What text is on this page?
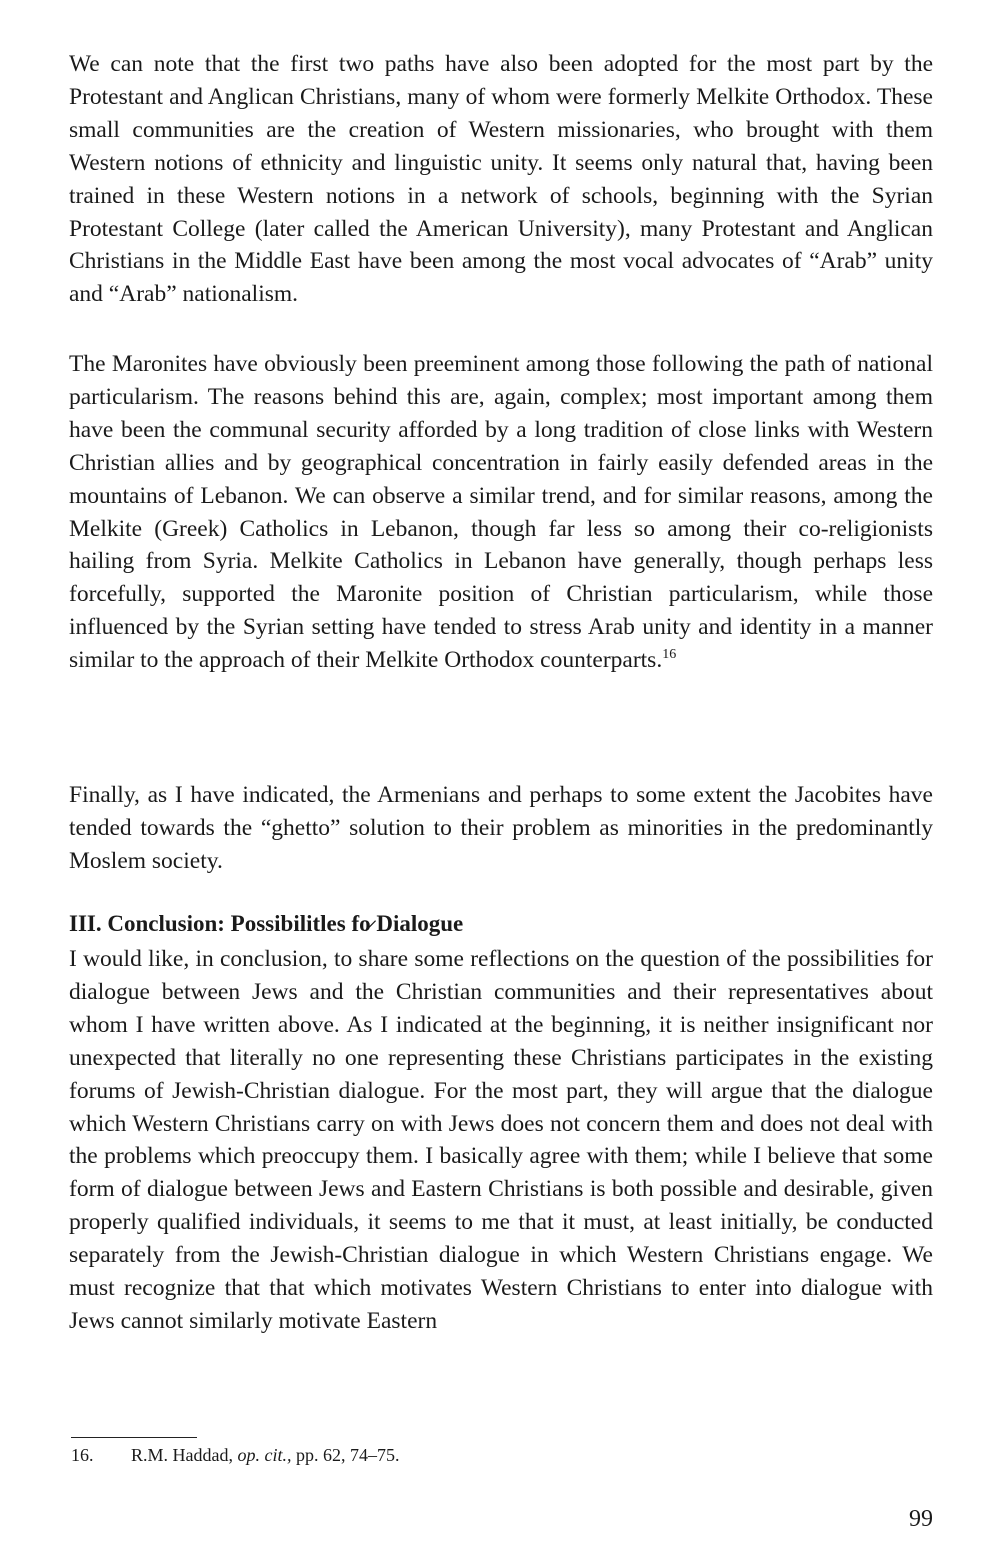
We can note that the first two paths have also been adopted for the most part by the Protestant and Anglican Christians, many of whom were formerly Melkite Orthodox. These small communities are the creation of Western missionaries, who brought with them Western notions of ethnicity and linguistic unity. It seems only natural that, having been trained in these Western notions in a network of schools, beginning with the Syrian Protestant College (later called the American University), many Protestant and Anglican Christians in the Middle East have been among the most vocal advocates of “Arab” unity and “Arab” nationalism.

The Maronites have obviously been preeminent among those following the path of national particularism. The reasons behind this are, again, complex; most important among them have been the communal security afforded by a long tradition of close links with Western Christian allies and by geographical concentration in fairly easily defended areas in the mountains of Lebanon. We can observe a similar trend, and for similar reasons, among the Melkite (Greek) Catholics in Lebanon, though far less so among their co-religionists hailing from Syria. Melkite Catholics in Lebanon have generally, though perhaps less forcefully, supported the Maronite position of Christian particularism, while those influenced by the Syrian setting have tended to stress Arab unity and identity in a manner similar to the approach of their Melkite Orthodox counterparts.$^{16}$

Finally, as I have indicated, the Armenians and perhaps to some extent the Jacobites have tended towards the “ghetto” solution to their problem as minorities in the predominantly Moslem society.

III. Conclusion: Possibilitles fo̷ Dialogue

I would like, in conclusion, to share some reflections on the question of the possibilities for dialogue between Jews and the Christian communities and their representatives about whom I have written above. As I indicated at the beginning, it is neither insignificant nor unexpected that literally no one representing these Christians participates in the existing forums of Jewish-Christian dialogue. For the most part, they will argue that the dialogue which Western Christians carry on with Jews does not concern them and does not deal with the problems which preoccupy them. I basically agree with them; while I believe that some form of dialogue between Jews and Eastern Christians is both possible and desirable, given properly qualified individuals, it seems to me that it must, at least initially, be conducted separately from the Jewish-Christian dialogue in which Western Christians engage. We must recognize that that which motivates Western Christians to enter into dialogue with Jews cannot similarly motivate Eastern

16. R.M. Haddad, op. cit., pp. 62, 74–75.
99
